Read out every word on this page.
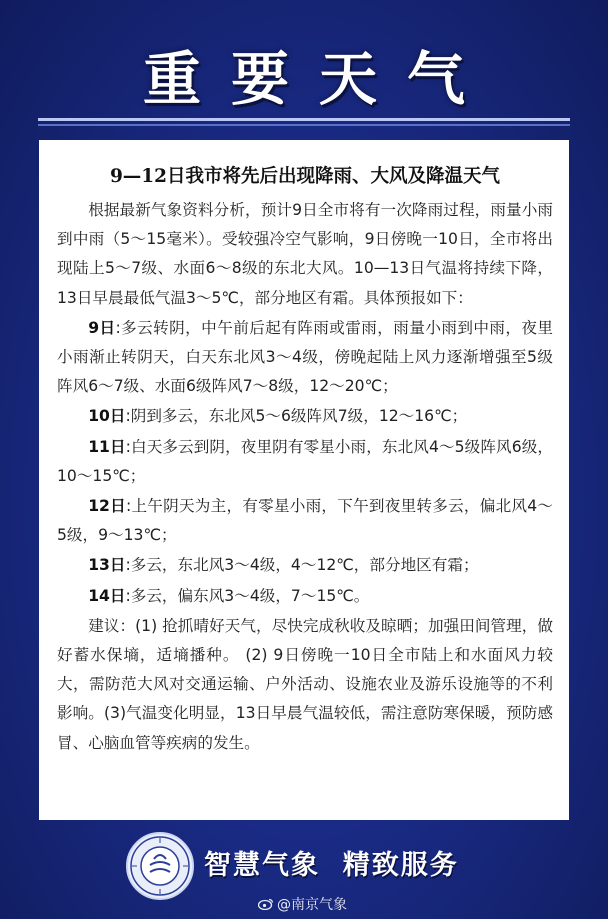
重要天气
9—12日我市将先后出现降雨、大风及降温天气

根据最新气象资料分析，预计9日全市将有一次降雨过程，雨量小雨到中雨（5～15毫米）。受较强冷空气影响，9日傍晚一10日，全市将出现陆上5～7级、水面6～8级的东北大风。10—13日气温将持续下降，13日早晨最低气温3～5℃，部分地区有霜。具体预报如下：

9日:多云转阴，中午前后起有阵雨或雷雨，雨量小雨到中雨，夜里小雨渐止转阴天，白天东北风3～4级，傍晚起陆上风力逐渐增强至5级阵风6～7级、水面6级阵风7～8级，12～20℃；

10日:阴到多云，东北风5～6级阵风7级，12～16℃；

11日:白天多云到阴，夜里阴有零星小雨，东北风4～5级阵风6级，10～15℃；

12日:上午阴天为主，有零星小雨，下午到夜里转多云，偏北风4～5级，9～13℃；

13日:多云，东北风3～4级，4～12℃，部分地区有霜；

14日:多云，偏东风3～4级，7～15℃。

建议：(1) 抢抓晴好天气，尽快完成秋收及晾晒；加强田间管理，做好蓄水保墒，适墒播种。 (2) 9日傍晚一10日全市陆上和水面风力较大，需防范大风对交通运输、户外活动、设施农业及游乐设施等的不利影响。(3)气温变化明显，13日早晨气温较低，需注意防寒保暖，预防感冒、心脑血管等疾病的发生。

智慧气象  精致服务
@南京气象
